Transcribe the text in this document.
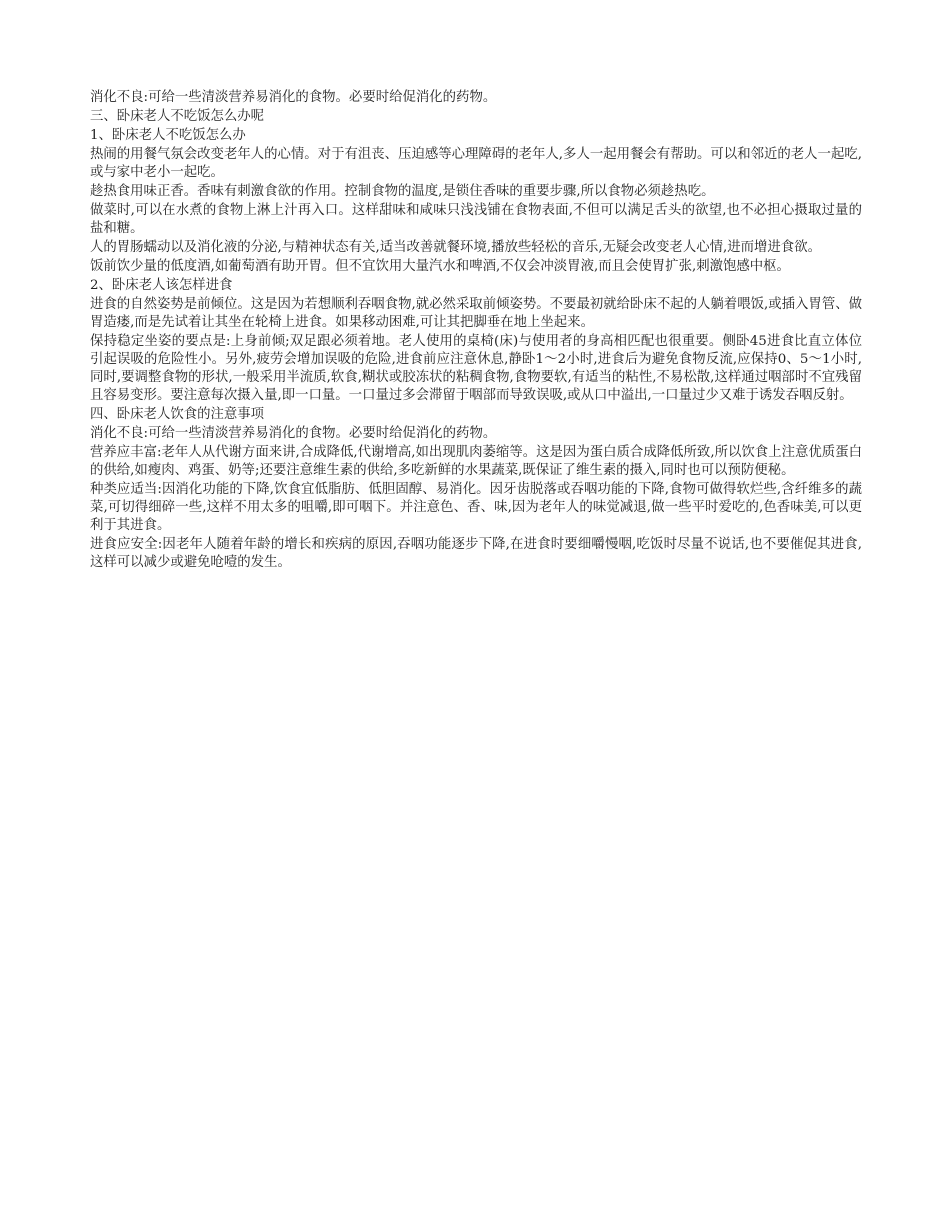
消化不良:可给一些清淡营养易消化的食物。必要时给促消化的药物。

三、卧床老人不吃饭怎么办呢

1、卧床老人不吃饭怎么办

热闹的用餐气氛会改变老年人的心情。对于有沮丧、压迫感等心理障碍的老年人,多人一起用餐会有帮助。可以和邻近的老人一起吃,或与家中老小一起吃。

趁热食用味正香。香味有刺激食欲的作用。控制食物的温度,是锁住香味的重要步骤,所以食物必须趁热吃。

做菜时,可以在水煮的食物上淋上汁再入口。这样甜味和咸味只浅浅铺在食物表面,不但可以满足舌头的欲望,也不必担心摄取过量的盐和糖。

人的胃肠蠕动以及消化液的分泌,与精神状态有关,适当改善就餐环境,播放些轻松的音乐,无疑会改变老人心情,进而增进食欲。

饭前饮少量的低度酒,如葡萄酒有助开胃。但不宜饮用大量汽水和啤酒,不仅会冲淡胃液,而且会使胃扩张,刺激饱感中枢。

2、卧床老人该怎样进食

进食的自然姿势是前倾位。这是因为若想顺利吞咽食物,就必然采取前倾姿势。不要最初就给卧床不起的人躺着喂饭,或插入胃管、做胃造瘘,而是先试着让其坐在轮椅上进食。如果移动困难,可让其把脚垂在地上坐起来。

保持稳定坐姿的要点是:上身前倾;双足跟必须着地。老人使用的桌椅(床)与使用者的身高相匹配也很重要。侧卧45进食比直立体位引起误吸的危险性小。另外,疲劳会增加误吸的危险,进食前应注意休息,静卧1～2小时,进食后为避免食物反流,应保持0、5～1小时,同时,要调整食物的形状,一般采用半流质,软食,糊状或胶冻状的粘稠食物,食物要软,有适当的粘性,不易松散,这样通过咽部时不宜残留且容易变形。要注意每次摄入量,即一口量。一口量过多会滞留于咽部而导致误吸,或从口中溢出,一口量过少又难于诱发吞咽反射。

四、卧床老人饮食的注意事项

消化不良:可给一些清淡营养易消化的食物。必要时给促消化的药物。

营养应丰富:老年人从代谢方面来讲,合成降低,代谢增高,如出现肌肉萎缩等。这是因为蛋白质合成降低所致,所以饮食上注意优质蛋白的供给,如瘦肉、鸡蛋、奶等;还要注意维生素的供给,多吃新鲜的水果蔬菜,既保证了维生素的摄入,同时也可以预防便秘。

种类应适当:因消化功能的下降,饮食宜低脂肪、低胆固醇、易消化。因牙齿脱落或吞咽功能的下降,食物可做得软烂些,含纤维多的蔬菜,可切得细碎一些,这样不用太多的咀嚼,即可咽下。并注意色、香、味,因为老年人的味觉减退,做一些平时爱吃的,色香味美,可以更利于其进食。

进食应安全:因老年人随着年龄的增长和疾病的原因,吞咽功能逐步下降,在进食时要细嚼慢咽,吃饭时尽量不说话,也不要催促其进食,这样可以减少或避免呛噎的发生。
